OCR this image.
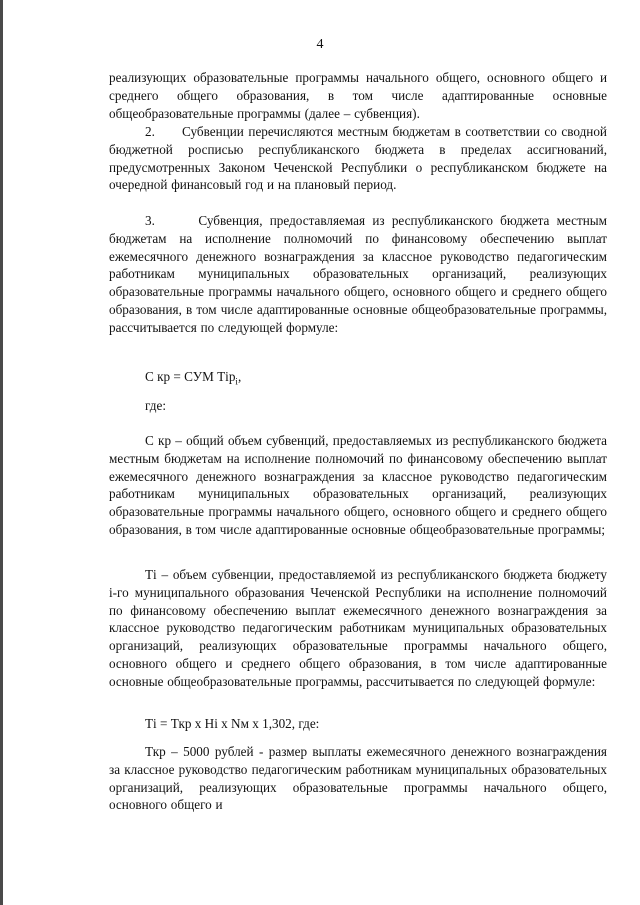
4

реализующих образовательные программы начального общего, основного общего и среднего общего образования, в том числе адаптированные основные общеобразовательные программы (далее – субвенция).

2. Субвенции перечисляются местным бюджетам в соответствии со сводной бюджетной росписью республиканского бюджета в пределах ассигнований, предусмотренных Законом Чеченской Республики о республиканском бюджете на очередной финансовый год и на плановый период.

3.	Субвенция, предоставляемая из республиканского бюджета местным бюджетам на исполнение полномочий по финансовому обеспечению выплат ежемесячного денежного вознаграждения за классное руководство педагогическим работникам муниципальных образовательных организаций, реализующих образовательные программы начального общего, основного общего и среднего общего образования, в том числе адаптированные основные общеобразовательные программы, рассчитывается по следующей формуле:

С кр = СУМ Тір$_і$,
где:

С кр – общий объем субвенций, предоставляемых из республиканского бюджета местным бюджетам на исполнение полномочий по финансовому обеспечению выплат ежемесячного денежного вознаграждения за классное руководство педагогическим работникам муниципальных образовательных организаций, реализующих образовательные программы начального общего, основного общего и среднего общего образования, в том числе адаптированные основные общеобразовательные программы;

Ті – объем субвенции, предоставляемой из республиканского бюджета бюджету і-го муниципального образования Чеченской Республики на исполнение полномочий по финансовому обеспечению выплат ежемесячного денежного вознаграждения за классное руководство педагогическим работникам муниципальных образовательных организаций, реализующих образовательные программы начального общего, основного общего и среднего общего образования, в том числе адаптированные основные общеобразовательные программы, рассчитывается по следующей формуле:

Ті = Ткр х Ні х Nм х 1,302, где:

Ткр – 5000 рублей - размер выплаты ежемесячного денежного вознаграждения за классное руководство педагогическим работникам муниципальных образовательных организаций, реализующих образовательные программы начального общего, основного общего и
